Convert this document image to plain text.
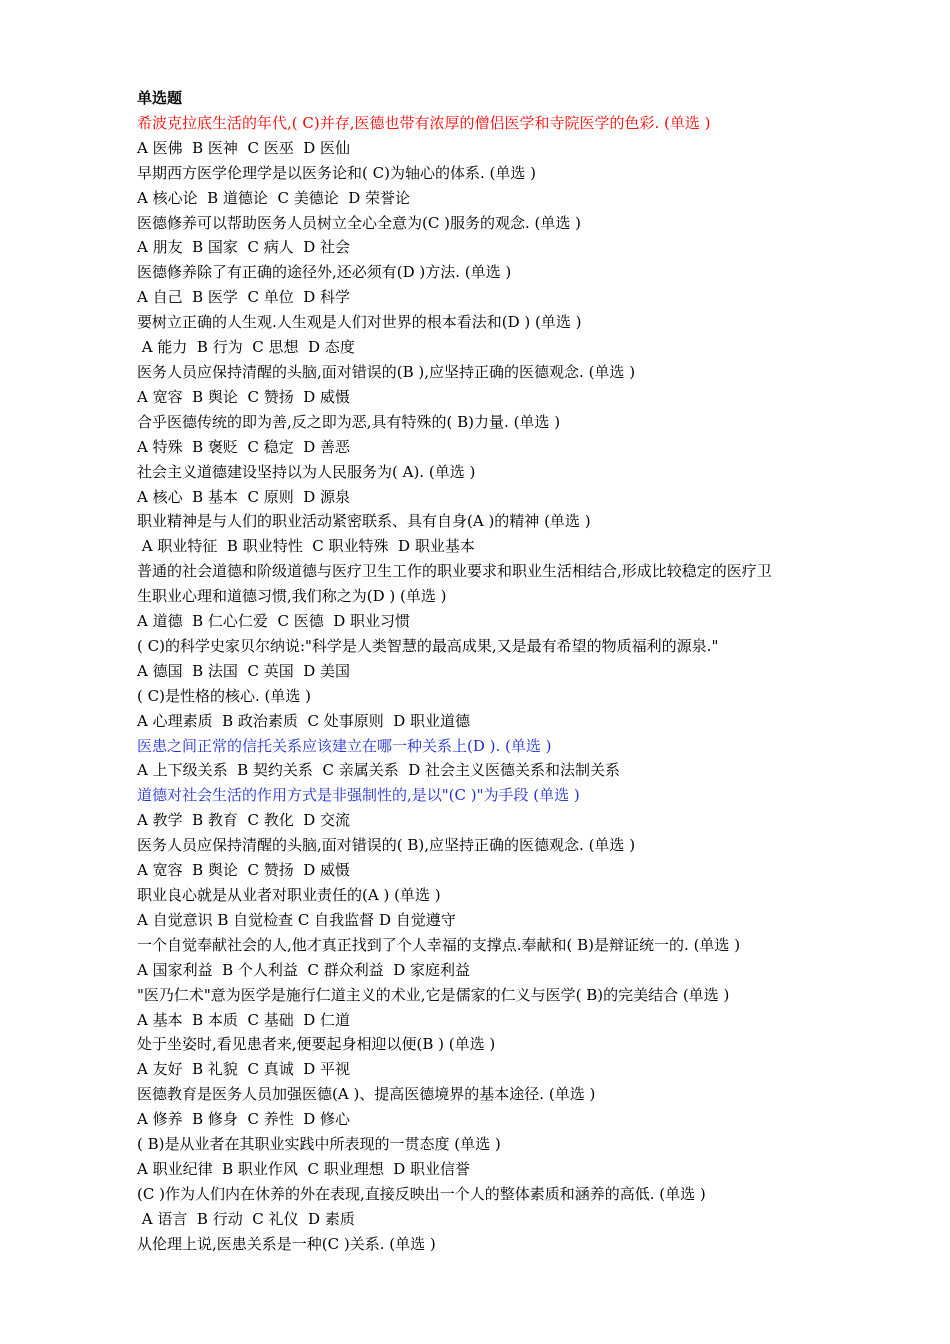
单选题
希波克拉底生活的年代,( C)并存,医德也带有浓厚的僧侣医学和寺院医学的色彩. (单选 )
A 医佛  B 医神  C 医巫  D 医仙
早期西方医学伦理学是以医务论和( C)为轴心的体系. (单选 )
A 核心论  B 道德论  C 美德论  D 荣誉论
医德修养可以帮助医务人员树立全心全意为(C )服务的观念. (单选 )
A 朋友  B 国家  C 病人  D 社会
医德修养除了有正确的途径外,还必须有(D )方法. (单选 )
A 自己  B 医学  C 单位  D 科学
要树立正确的人生观.人生观是人们对世界的根本看法和(D ) (单选 )
A 能力  B 行为  C 思想  D 态度
医务人员应保持清醒的头脑,面对错误的(B ),应坚持正确的医德观念. (单选 )
A 宽容  B 舆论  C 赞扬  D 威慑
合乎医德传统的即为善,反之即为恶,具有特殊的( B)力量. (单选 )
A 特殊  B 褒贬  C 稳定  D 善恶
社会主义道德建设坚持以为人民服务为( A). (单选 )
A 核心  B 基本  C 原则  D 源泉
职业精神是与人们的职业活动紧密联系、具有自身(A )的精神 (单选 )
A 职业特征  B 职业特性  C 职业特殊  D 职业基本
普通的社会道德和阶级道德与医疗卫生工作的职业要求和职业生活相结合,形成比较稳定的医疗卫
生职业心理和道德习惯,我们称之为(D ) (单选 )
A 道德  B 仁心仁爱  C 医德  D 职业习惯
( C)的科学史家贝尔纳说:"科学是人类智慧的最高成果,又是最有希望的物质福利的源泉."
A 德国  B 法国  C 英国  D 美国
( C)是性格的核心. (单选 )
A 心理素质  B 政治素质  C 处事原则  D 职业道德
医患之间正常的信托关系应该建立在哪一种关系上(D ). (单选 )
A 上下级关系  B 契约关系  C 亲属关系  D 社会主义医德关系和法制关系
道德对社会生活的作用方式是非强制性的,是以"(C )"为手段 (单选 )
A 教学  B 教育  C 教化  D 交流
医务人员应保持清醒的头脑,面对错误的( B),应坚持正确的医德观念. (单选 )
A 宽容  B 舆论  C 赞扬  D 威慑
职业良心就是从业者对职业责任的(A ) (单选 )
A 自觉意识 B 自觉检查 C 自我监督 D 自觉遵守
一个自觉奉献社会的人,他才真正找到了个人幸福的支撑点.奉献和( B)是辩证统一的. (单选 )
A 国家利益  B 个人利益  C 群众利益  D 家庭利益
"医乃仁术"意为医学是施行仁道主义的术业,它是儒家的仁义与医学( B)的完美结合 (单选 )
A 基本  B 本质  C 基础  D 仁道
处于坐姿时,看见患者来,便要起身相迎以便(B ) (单选 )
A 友好  B 礼貌  C 真诚  D 平视
医德教育是医务人员加强医德(A )、提高医德境界的基本途径. (单选 )
A 修养  B 修身  C 养性  D 修心
( B)是从业者在其职业实践中所表现的一贯态度 (单选 )
A 职业纪律  B 职业作风  C 职业理想  D 职业信誉
(C )作为人们内在休养的外在表现,直接反映出一个人的整体素质和涵养的高低. (单选 )
A 语言  B 行动  C 礼仪  D 素质
从伦理上说,医患关系是一种(C )关系. (单选 )
